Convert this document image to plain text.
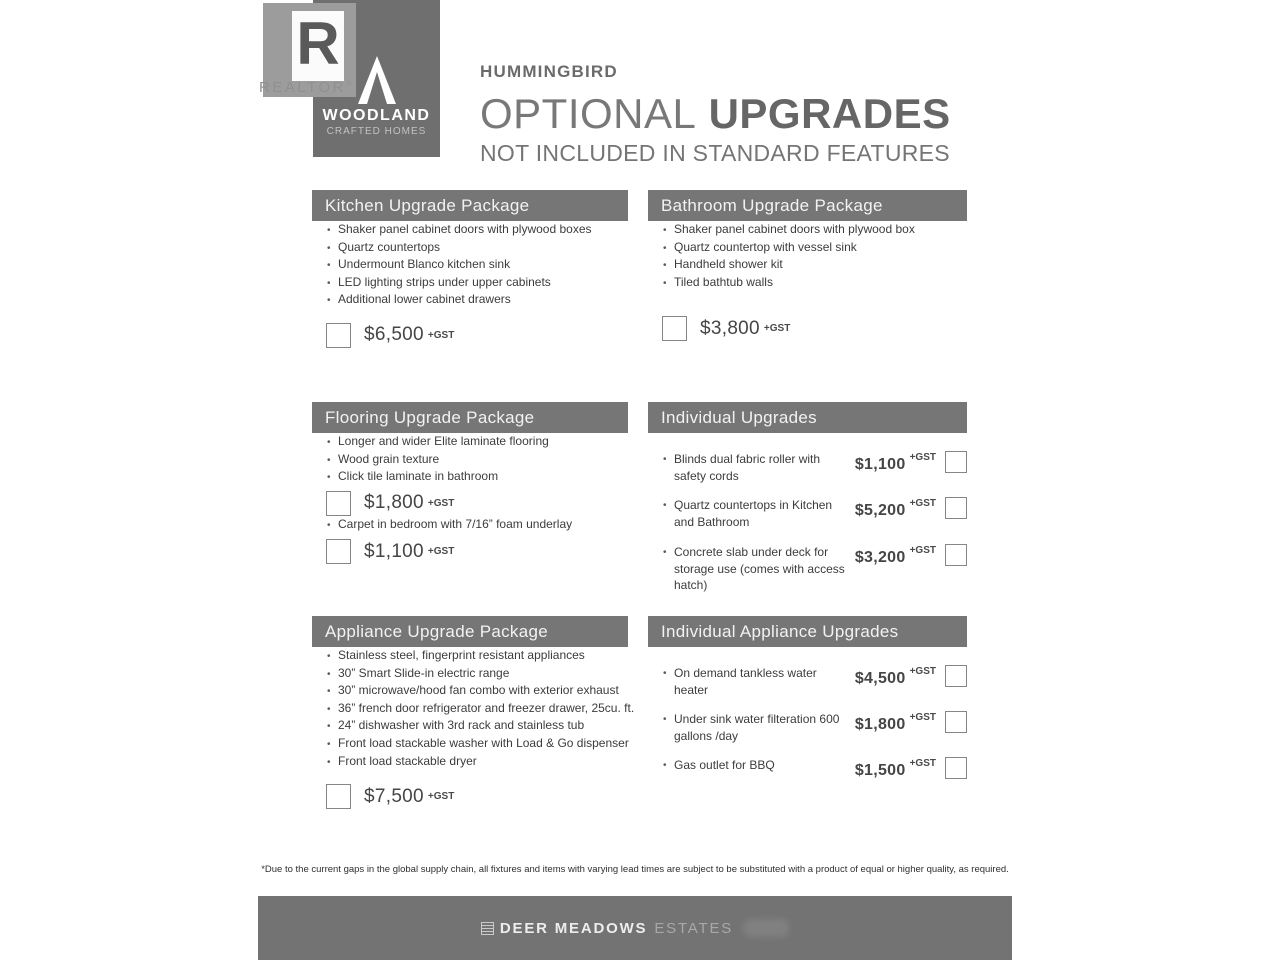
WOODLAND
CRAFTED HOMES
R
REALTOR®
HUMMINGBIRD
OPTIONAL UPGRADES
NOT INCLUDED IN STANDARD FEATURES
Kitchen Upgrade Package
• Shaker panel cabinet doors with plywood boxes
• Quartz countertops
• Undermount Blanco kitchen sink
• LED lighting strips under upper cabinets
• Additional lower cabinet drawers
$6,500 +GST
Bathroom Upgrade Package
• Shaker panel cabinet doors with plywood box
• Quartz countertop with vessel sink
• Handheld shower kit
• Tiled bathtub walls
$3,800 +GST
Flooring Upgrade Package
• Longer and wider Elite laminate flooring
• Wood grain texture
• Click tile laminate in bathroom
$1,800 +GST
• Carpet in bedroom with 7/16” foam underlay
$1,100 +GST
Individual Upgrades
• Blinds dual fabric roller with safety cords
$1,100 $^{+GST}$
• Quartz countertops in Kitchen and Bathroom
$5,200 $^{+GST}$
• Concrete slab under deck for storage use (comes with access hatch)
$3,200 $^{+GST}$
Appliance Upgrade Package
• Stainless steel, fingerprint resistant appliances
• 30” Smart Slide-in electric range
• 30” microwave/hood fan combo with exterior exhaust
• 36” french door refrigerator and freezer drawer, 25cu. ft.
• 24” dishwasher with 3rd rack and stainless tub
• Front load stackable washer with Load & Go dispenser
• Front load stackable dryer
$7,500 +GST
Individual Appliance Upgrades
• On demand tankless water heater
$4,500 $^{+GST}$
• Under sink water filteration 600 gallons /day
$1,800 $^{+GST}$
• Gas outlet for BBQ	$1,500 $^{+GST}$

*Due to the current gaps in the global supply chain, all fixtures and items with varying lead times are subject to be substituted with a product of equal or higher quality, as required.

DEER MEADOWS ESTATES
